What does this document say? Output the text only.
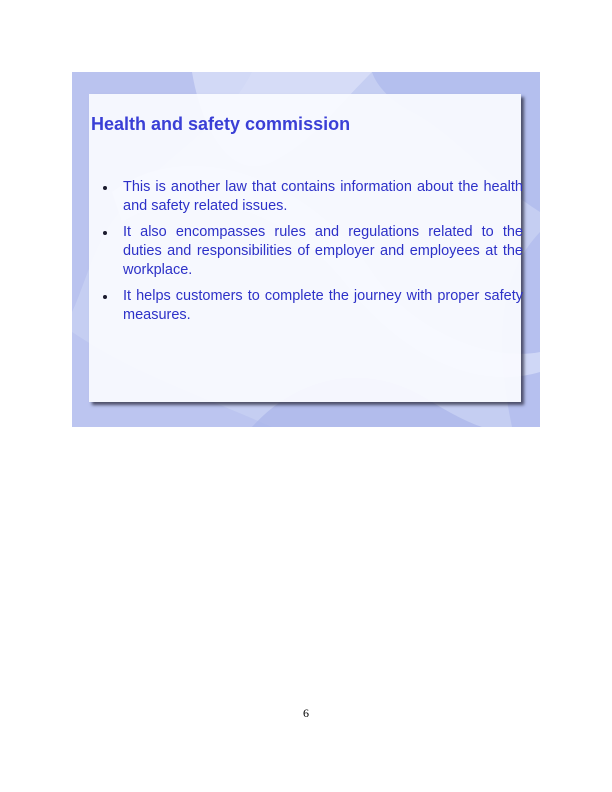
Health and safety commission
This is another law that contains information about the health and safety related issues.
It also encompasses rules and regulations related to the duties and responsibilities of employer and employees at the workplace.
It helps customers to complete the journey with proper safety measures.
6
